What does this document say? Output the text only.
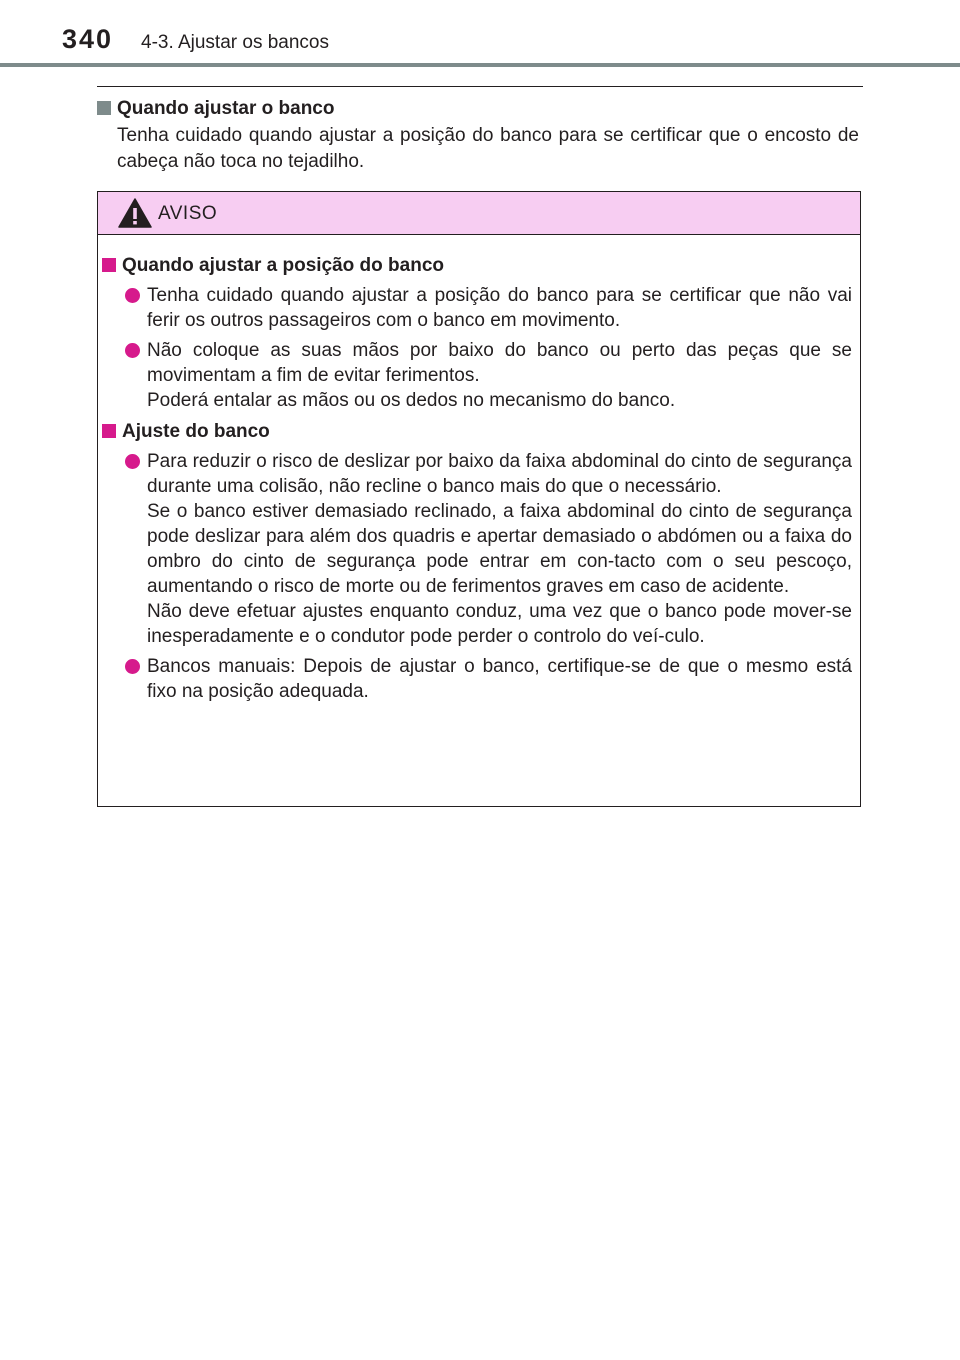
340 4-3. Ajustar os bancos
Quando ajustar o banco

Tenha cuidado quando ajustar a posição do banco para se certificar que o encosto de cabeça não toca no tejadilho.

AVISO
Quando ajustar a posição do banco
Tenha cuidado quando ajustar a posição do banco para se certificar que não vai ferir os outros passageiros com o banco em movimento.
Não coloque as suas mãos por baixo do banco ou perto das peças que se movimentam a fim de evitar ferimentos.
Poderá entalar as mãos ou os dedos no mecanismo do banco.
Ajuste do banco
Para reduzir o risco de deslizar por baixo da faixa abdominal do cinto de segurança durante uma colisão, não recline o banco mais do que o necessário.
Se o banco estiver demasiado reclinado, a faixa abdominal do cinto de segurança pode deslizar para além dos quadris e apertar demasiado o abdómen ou a faixa do ombro do cinto de segurança pode entrar em con-tacto com o seu pescoço, aumentando o risco de morte ou de ferimentos graves em caso de acidente.
Não deve efetuar ajustes enquanto conduz, uma vez que o banco pode mover-se inesperadamente e o condutor pode perder o controlo do veí-culo.
Bancos manuais: Depois de ajustar o banco, certifique-se de que o mesmo está fixo na posição adequada.
